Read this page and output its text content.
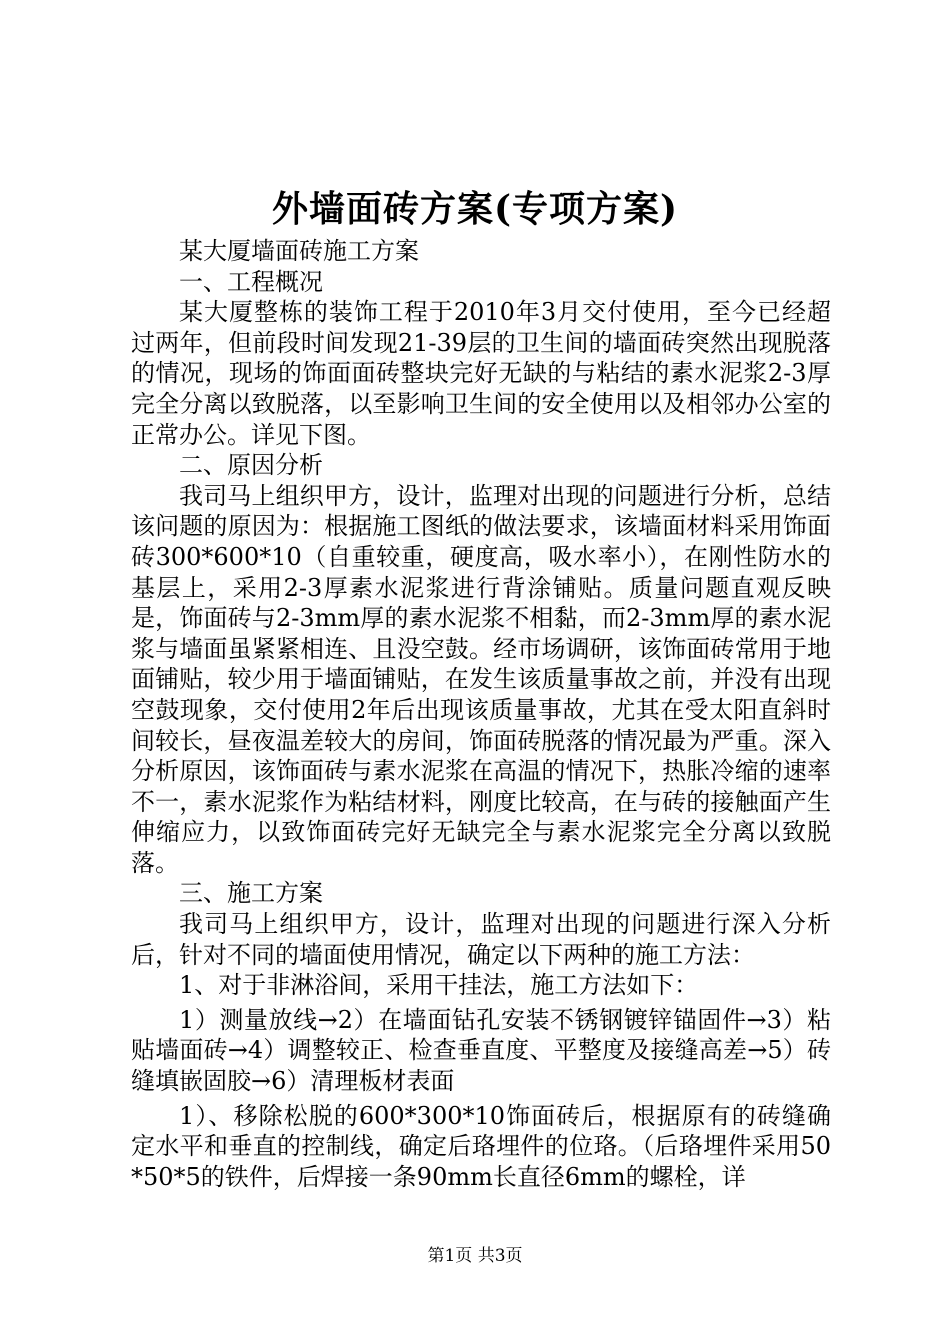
外墙面砖方案(专项方案)

某大厦墙面砖施工方案

一、工程概况

某大厦整栋的装饰工程于2010年3月交付使用，至今已经超过两年，但前段时间发现21-39层的卫生间的墙面砖突然出现脱落的情况，现场的饰面面砖整块完好无缺的与粘结的素水泥浆2-3厚完全分离以致脱落，以至影响卫生间的安全使用以及相邻办公室的正常办公。详见下图。

二、原因分析

我司马上组织甲方，设计，监理对出现的问题进行分析，总结该问题的原因为：根据施工图纸的做法要求，该墙面材料采用饰面砖300*600*10（自重较重，硬度高，吸水率小），在刚性防水的基层上，采用2-3厚素水泥浆进行背涂铺贴。质量问题直观反映是，饰面砖与2-3mm厚的素水泥浆不相黏，而2-3mm厚的素水泥浆与墙面虽紧紧相连、且没空鼓。经市场调研，该饰面砖常用于地面铺贴，较少用于墙面铺贴，在发生该质量事故之前，并没有出现空鼓现象，交付使用2年后出现该质量事故，尤其在受太阳直斜时间较长，昼夜温差较大的房间，饰面砖脱落的情况最为严重。深入分析原因，该饰面砖与素水泥浆在高温的情况下，热胀冷缩的速率不一，素水泥浆作为粘结材料，刚度比较高，在与砖的接触面产生伸缩应力，以致饰面砖完好无缺完全与素水泥浆完全分离以致脱落。

三、施工方案

我司马上组织甲方，设计，监理对出现的问题进行深入分析后，针对不同的墙面使用情况，确定以下两种的施工方法：

1、对于非淋浴间，采用干挂法，施工方法如下：

1）测量放线→2）在墙面钻孔安装不锈钢镀锌锚固件→3）粘贴墙面砖→4）调整较正、检查垂直度、平整度及接缝高差→5）砖缝填嵌固胶→6）清理板材表面

1）、移除松脱的600*300*10饰面砖后，根据原有的砖缝确定水平和垂直的控制线，确定后珞埋件的位珞。（后珞埋件采用50*50*5的铁件，后焊接一条90mm长直径6mm的螺栓，详

第1页 共3页
